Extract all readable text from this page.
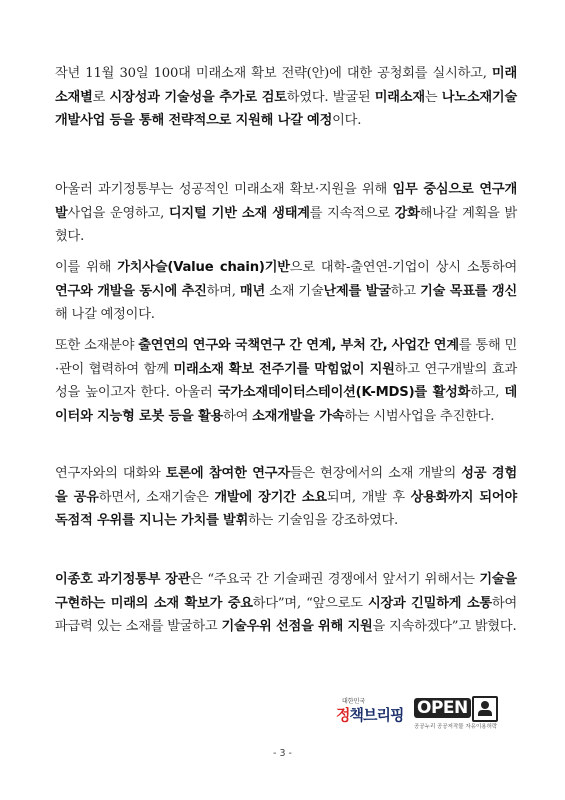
작년 11월 30일 100대 미래소재 확보 전략(안)에 대한 공청회를 실시하고, 미래소재별로 시장성과 기술성을 추가로 검토하였다. 발굴된 미래소재는 나노소재기술개발사업 등을 통해 전략적으로 지원해 나갈 예정이다.
아울러 과기정통부는 성공적인 미래소재 확보·지원을 위해 임무 중심으로 연구개발사업을 운영하고, 디지털 기반 소재 생태계를 지속적으로 강화해나갈 계획을 밝혔다.
이를 위해 가치사슬(Value chain)기반으로 대학-출연연-기업이 상시 소통하여 연구와 개발을 동시에 추진하며, 매년 소재 기술난제를 발굴하고 기술 목표를 갱신해 나갈 예정이다.
또한 소재분야 출연연의 연구와 국책연구 간 연계, 부처 간, 사업간 연계를 통해 민·관이 협력하여 함께 미래소재 확보 전주기를 막힘없이 지원하고 연구개발의 효과성을 높이고자 한다. 아울러 국가소재데이터스테이션(K-MDS)를 활성화하고, 데이터와 지능형 로봇 등을 활용하여 소재개발을 가속하는 시범사업을 추진한다.
연구자와의 대화와 토론에 참여한 연구자들은 현장에서의 소재 개발의 성공 경험을 공유하면서, 소재기술은 개발에 장기간 소요되며, 개발 후 상용화까지 되어야 독점적 우위를 지니는 가치를 발휘하는 기술임을 강조하였다.
이종호 과기정통부 장관은 “주요국 간 기술패권 경쟁에서 앞서기 위해서는 기술을 구현하는 미래의 소재 확보가 중요하다”며, “앞으로도 시장과 긴밀하게 소통하여 파급력 있는 소재를 발굴하고 기술우위 선점을 위해 지원을 지속하겠다”고 밝혔다.
대한민국
정책브리핑 OPEN
공공누리 공공저작물 자유이용허락
- 3 -
